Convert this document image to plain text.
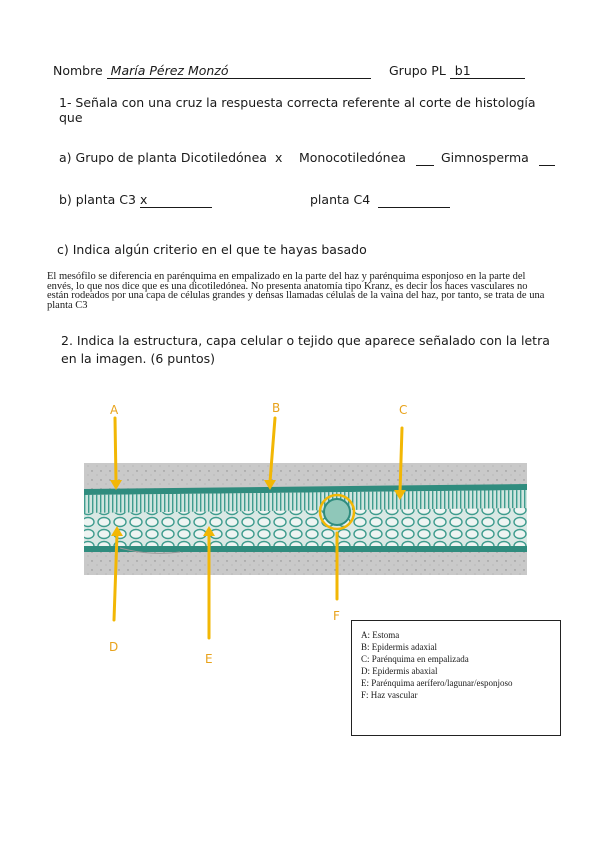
Nombre María Pérez Monzó	Grupo PL b1
1- Señala con una cruz la respuesta correcta referente al corte de histología
que
a) Grupo de planta Dicotiledónea x Monocotiledónea	Gimnosperma
b) planta C3 x	planta C4
c) Indica algún criterio en el que te hayas basado
El mesófilo se diferencia en parénquima en empalizado en la parte del haz y parénquima esponjoso en la parte del envés, lo que nos dice que es una dicotiledónea. No presenta anatomía tipo Kranz, es decir los haces vasculares no están rodeados por una capa de células grandes y densas llamadas células de la vaina del haz, por tanto, se trata de una planta C3
2. Indica la estructura, capa celular o tejido que aparece señalado con la letra
en la imagen. (6 puntos)
A	B	C
D
E
F
A: Estoma
B: Epidermis adaxial
C: Parénquima en empalizada
D: Epidermis abaxial
E: Parénquima aerífero/lagunar/esponjoso
F: Haz vascular
